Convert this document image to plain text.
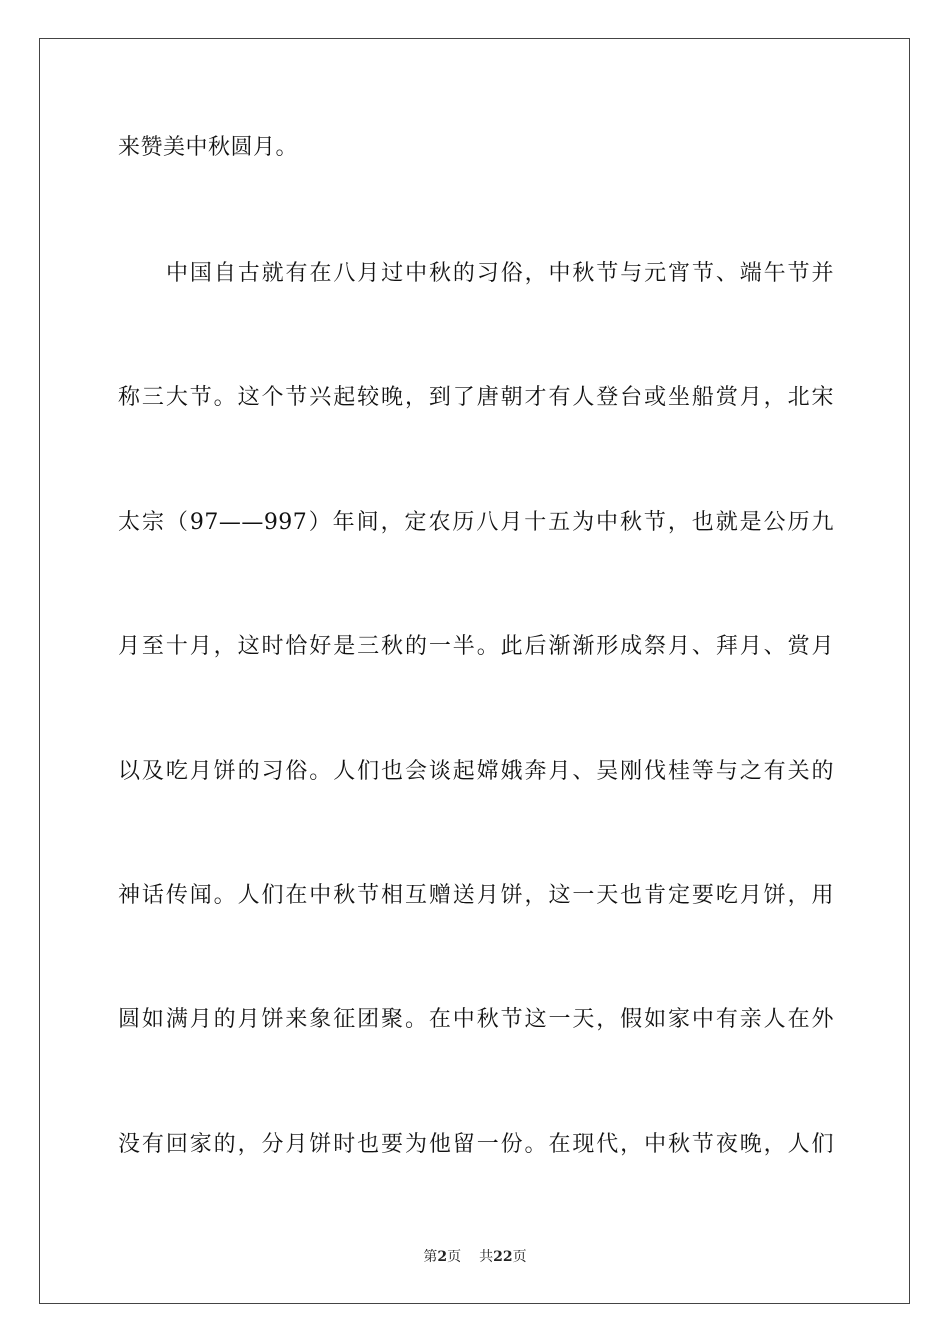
来赞美中秋圆月。
中国自古就有在八月过中秋的习俗，中秋节与元宵节、端午节并
称三大节。这个节兴起较晚，到了唐朝才有人登台或坐船赏月，北宋
太宗（97——997）年间，定农历八月十五为中秋节，也就是公历九
月至十月，这时恰好是三秋的一半。此后渐渐形成祭月、拜月、赏月
以及吃月饼的习俗。人们也会谈起嫦娥奔月、吴刚伐桂等与之有关的
神话传闻。人们在中秋节相互赠送月饼，这一天也肯定要吃月饼，用
圆如满月的月饼来象征团聚。在中秋节这一天，假如家中有亲人在外
没有回家的，分月饼时也要为他留一份。在现代，中秋节夜晚，人们
第2页 共22页
